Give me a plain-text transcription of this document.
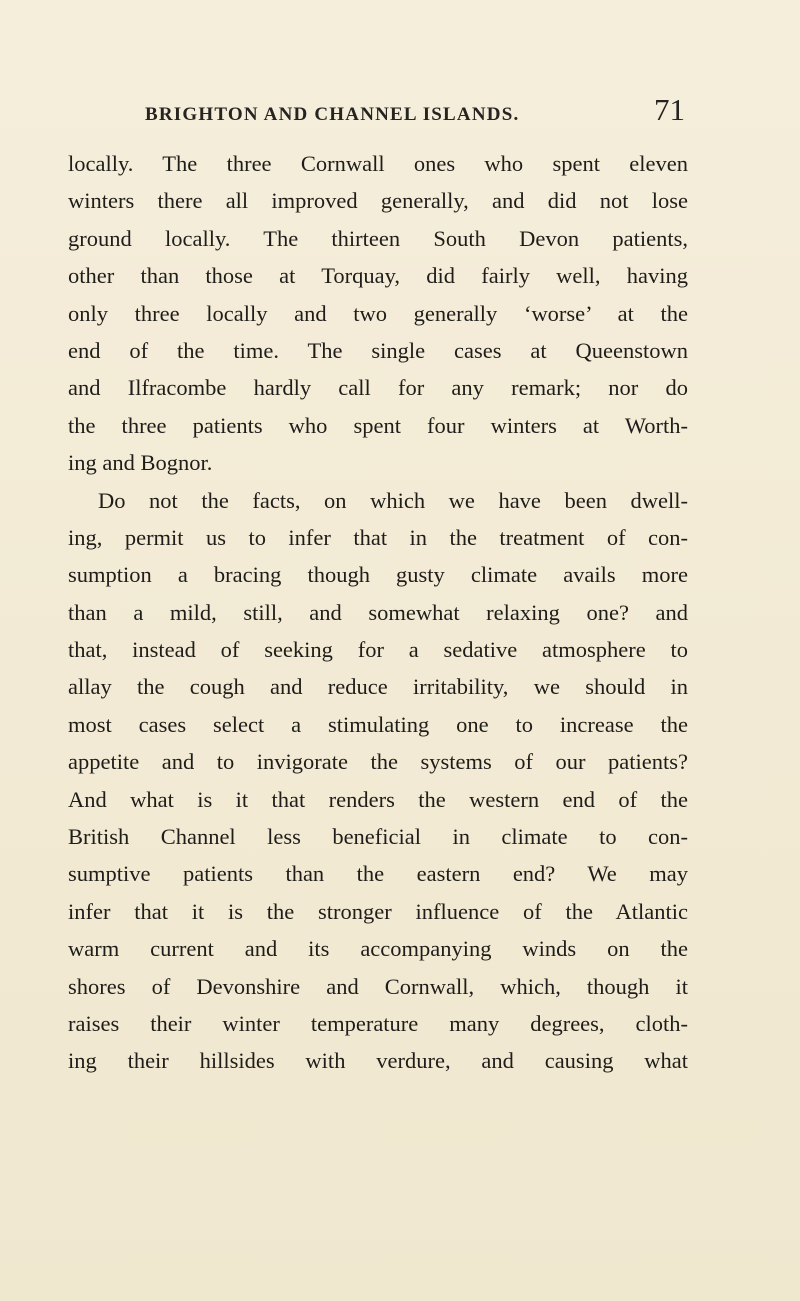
BRIGHTON AND CHANNEL ISLANDS.	71
locally. The three Cornwall ones who spent eleven
winters there all improved generally, and did not lose
ground locally. The thirteen South Devon patients,
other than those at Torquay, did fairly well, having
only three locally and two generally ‘worse’ at the
end of the time. The single cases at Queenstown
and Ilfracombe hardly call for any remark; nor do
the three patients who spent four winters at Worth-
ing and Bognor.
Do not the facts, on which we have been dwell-
ing, permit us to infer that in the treatment of con-
sumption a bracing though gusty climate avails more
than a mild, still, and somewhat relaxing one? and
that, instead of seeking for a sedative atmosphere to
allay the cough and reduce irritability, we should in
most cases select a stimulating one to increase the
appetite and to invigorate the systems of our patients?
And what is it that renders the western end of the
British Channel less beneficial in climate to con-
sumptive patients than the eastern end? We may
infer that it is the stronger influence of the Atlantic
warm current and its accompanying winds on the
shores of Devonshire and Cornwall, which, though it
raises their winter temperature many degrees, cloth-
ing their hillsides with verdure, and causing what
